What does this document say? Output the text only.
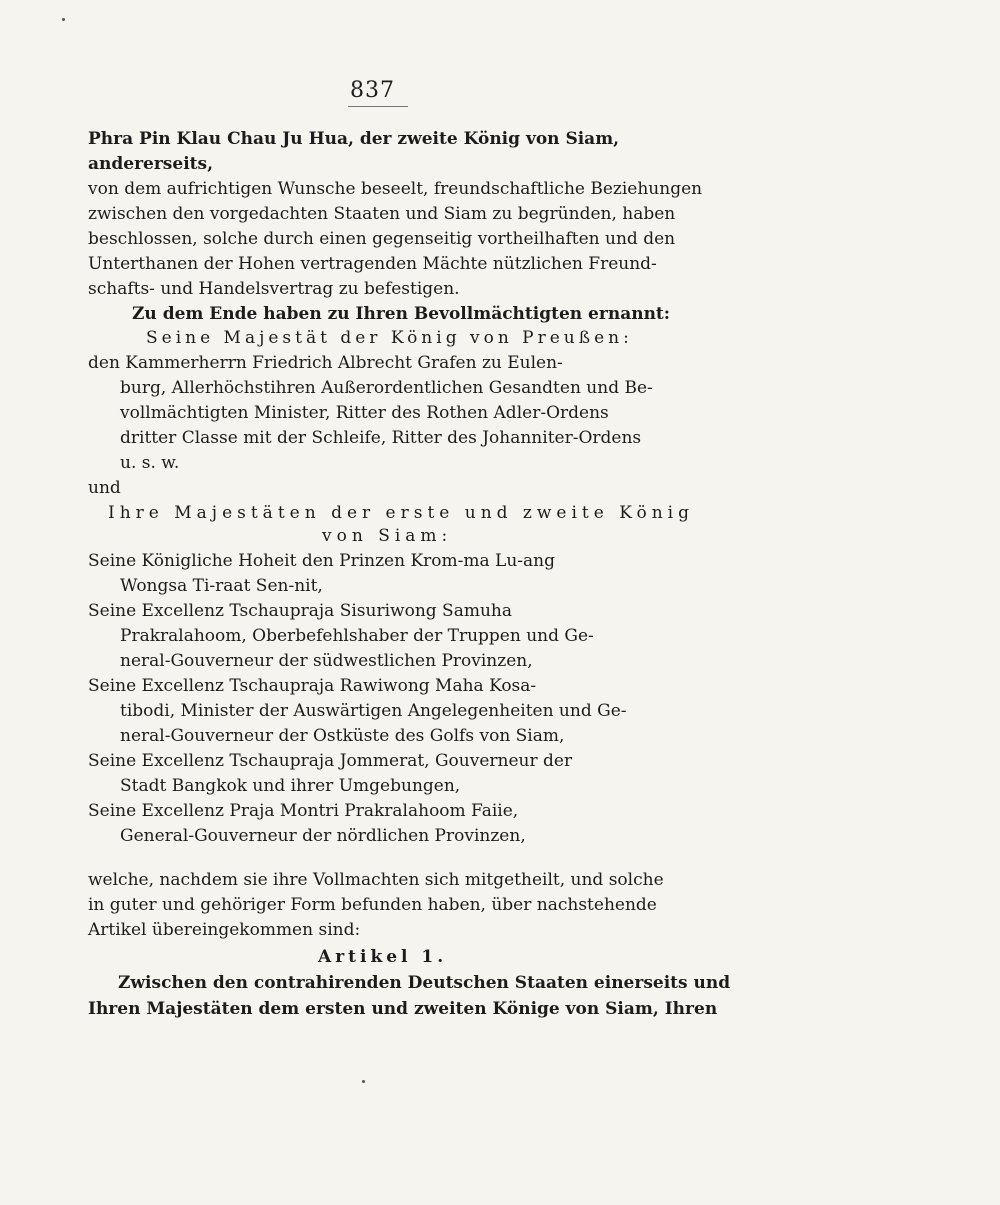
837
Phra Pin Klau Chau Ju Hua, der zweite König von Siam,
andererseits,
von dem aufrichtigen Wunsche beseelt, freundschaftliche Beziehungen
zwischen den vorgedachten Staaten und Siam zu begründen, haben
beschlossen, solche durch einen gegenseitig vortheilhaften und den
Unterthanen der Hohen vertragenden Mächte nützlichen Freund-
schafts- und Handelsvertrag zu befestigen.
Zu dem Ende haben zu Ihren Bevollmächtigten ernannt:
Seine Majestät der König von Preußen:
den Kammerherrn Friedrich Albrecht Grafen zu Eulen-
burg, Allerhöchstihren Außerordentlichen Gesandten und Be-
vollmächtigten Minister, Ritter des Rothen Adler-Ordens
dritter Classe mit der Schleife, Ritter des Johanniter-Ordens
u. s. w.
und
Ihre Majestäten der erste und zweite König
von Siam:
Seine Königliche Hoheit den Prinzen Krom-ma Lu-ang
Wongsa Ti-raat Sen-nit,
Seine Excellenz Tschaupraja Sisuriwong Samuha
Prakralahoom, Oberbefehlshaber der Truppen und Ge-
neral-Gouverneur der südwestlichen Provinzen,
Seine Excellenz Tschaupraja Rawiwong Maha Kosa-
tibodi, Minister der Auswärtigen Angelegenheiten und Ge-
neral-Gouverneur der Ostküste des Golfs von Siam,
Seine Excellenz Tschaupraja Jommerat, Gouverneur der
Stadt Bangkok und ihrer Umgebungen,
Seine Excellenz Praja Montri Prakralahoom Faiie,
General-Gouverneur der nördlichen Provinzen,
welche, nachdem sie ihre Vollmachten sich mitgetheilt, und solche
in guter und gehöriger Form befunden haben, über nachstehende
Artikel übereingekommen sind:
Artikel 1.
Zwischen den contrahirenden Deutschen Staaten einerseits und
Ihren Majestäten dem ersten und zweiten Könige von Siam, Ihren
